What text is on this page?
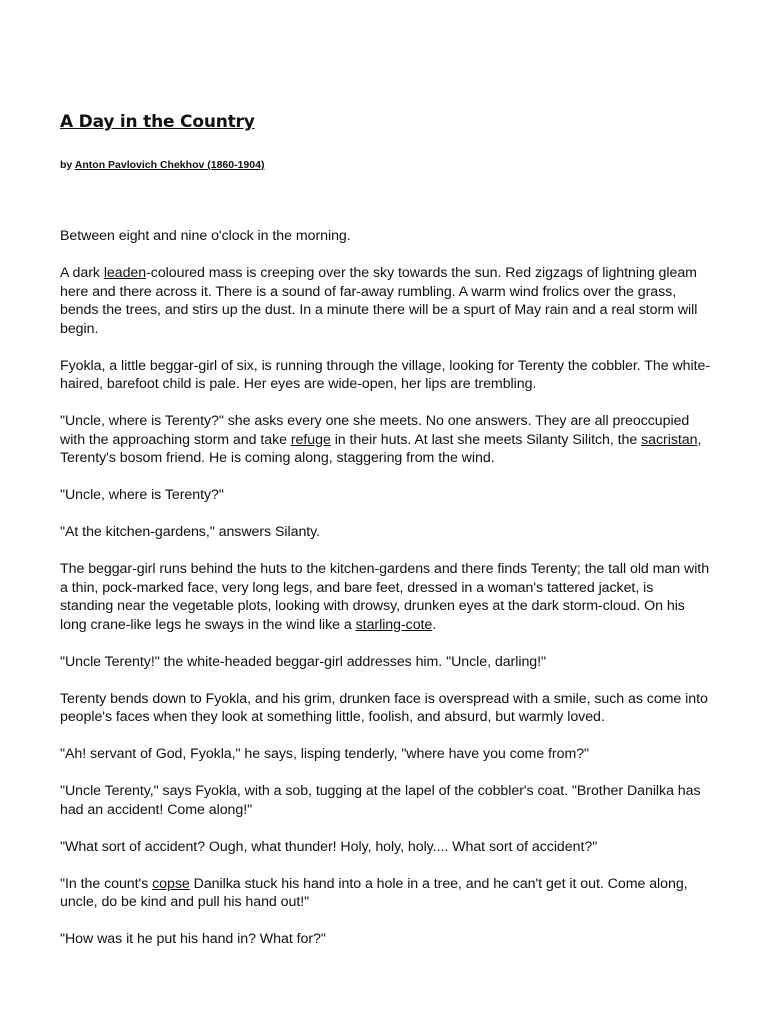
A Day in the Country

by Anton Pavlovich Chekhov (1860-1904)

Between eight and nine o'clock in the morning.

A dark leaden-coloured mass is creeping over the sky towards the sun. Red zigzags of lightning gleam here and there across it. There is a sound of far-away rumbling. A warm wind frolics over the grass, bends the trees, and stirs up the dust. In a minute there will be a spurt of May rain and a real storm will begin.

Fyokla, a little beggar-girl of six, is running through the village, looking for Terenty the cobbler. The white-haired, barefoot child is pale. Her eyes are wide-open, her lips are trembling.

"Uncle, where is Terenty?" she asks every one she meets. No one answers. They are all preoccupied with the approaching storm and take refuge in their huts. At last she meets Silanty Silitch, the sacristan, Terenty's bosom friend. He is coming along, staggering from the wind.

"Uncle, where is Terenty?"

"At the kitchen-gardens," answers Silanty.

The beggar-girl runs behind the huts to the kitchen-gardens and there finds Terenty; the tall old man with a thin, pock-marked face, very long legs, and bare feet, dressed in a woman's tattered jacket, is standing near the vegetable plots, looking with drowsy, drunken eyes at the dark storm-cloud. On his long crane-like legs he sways in the wind like a starling-cote.

"Uncle Terenty!" the white-headed beggar-girl addresses him. "Uncle, darling!"

Terenty bends down to Fyokla, and his grim, drunken face is overspread with a smile, such as come into people's faces when they look at something little, foolish, and absurd, but warmly loved.

"Ah! servant of God, Fyokla," he says, lisping tenderly, "where have you come from?"

"Uncle Terenty," says Fyokla, with a sob, tugging at the lapel of the cobbler's coat. "Brother Danilka has had an accident! Come along!"

"What sort of accident? Ough, what thunder! Holy, holy, holy.... What sort of accident?"

"In the count's copse Danilka stuck his hand into a hole in a tree, and he can't get it out. Come along, uncle, do be kind and pull his hand out!"

"How was it he put his hand in? What for?"
